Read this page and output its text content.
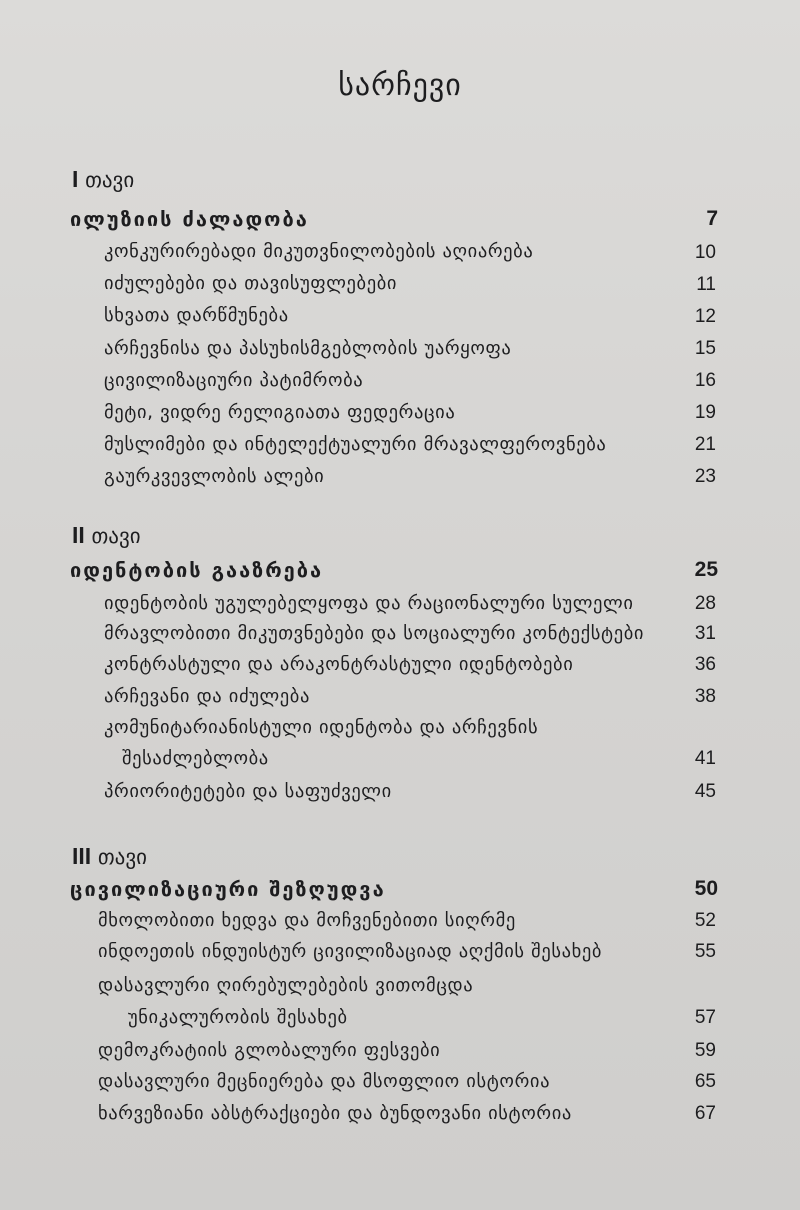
სარჩევი
I თავი
ილუზიის ძალადობა	7
კონკურირებადი მიკუთვნილობების აღიარება	10
იძულებები და თავისუფლებები	11
სხვათა დარწმუნება	12
არჩევნისა და პასუხისმგებლობის უარყოფა	15
ცივილიზაციური პატიმრობა	16
მეტი, ვიდრე რელიგიათა ფედერაცია	19
მუსლიმები და ინტელექტუალური მრავალფეროვნება	21
გაურკვევლობის ალები	23
II თავი
იდენტობის გააზრება	25
იდენტობის უგულებელყოფა და რაციონალური სულელი	28
მრავლობითი მიკუთვნებები და სოციალური კონტექსტები	31
კონტრასტული და არაკონტრასტული იდენტობები	36
არჩევანი და იძულება	38
კომუნიტარიანისტული იდენტობა და არჩევნის
შესაძლებლობა	41
პრიორიტეტები და საფუძველი	45
III თავი
ცივილიზაციური შეზღუდვა	50
მხოლობითი ხედვა და მოჩვენებითი სიღრმე	52
ინდოეთის ინდუისტურ ცივილიზაციად აღქმის შესახებ	55
დასავლური ღირებულებების ვითომცდა
უნიკალურობის შესახებ	57
დემოკრატიის გლობალური ფესვები	59
დასავლური მეცნიერება და მსოფლიო ისტორია	65
ხარვეზიანი აბსტრაქციები და ბუნდოვანი ისტორია	67
